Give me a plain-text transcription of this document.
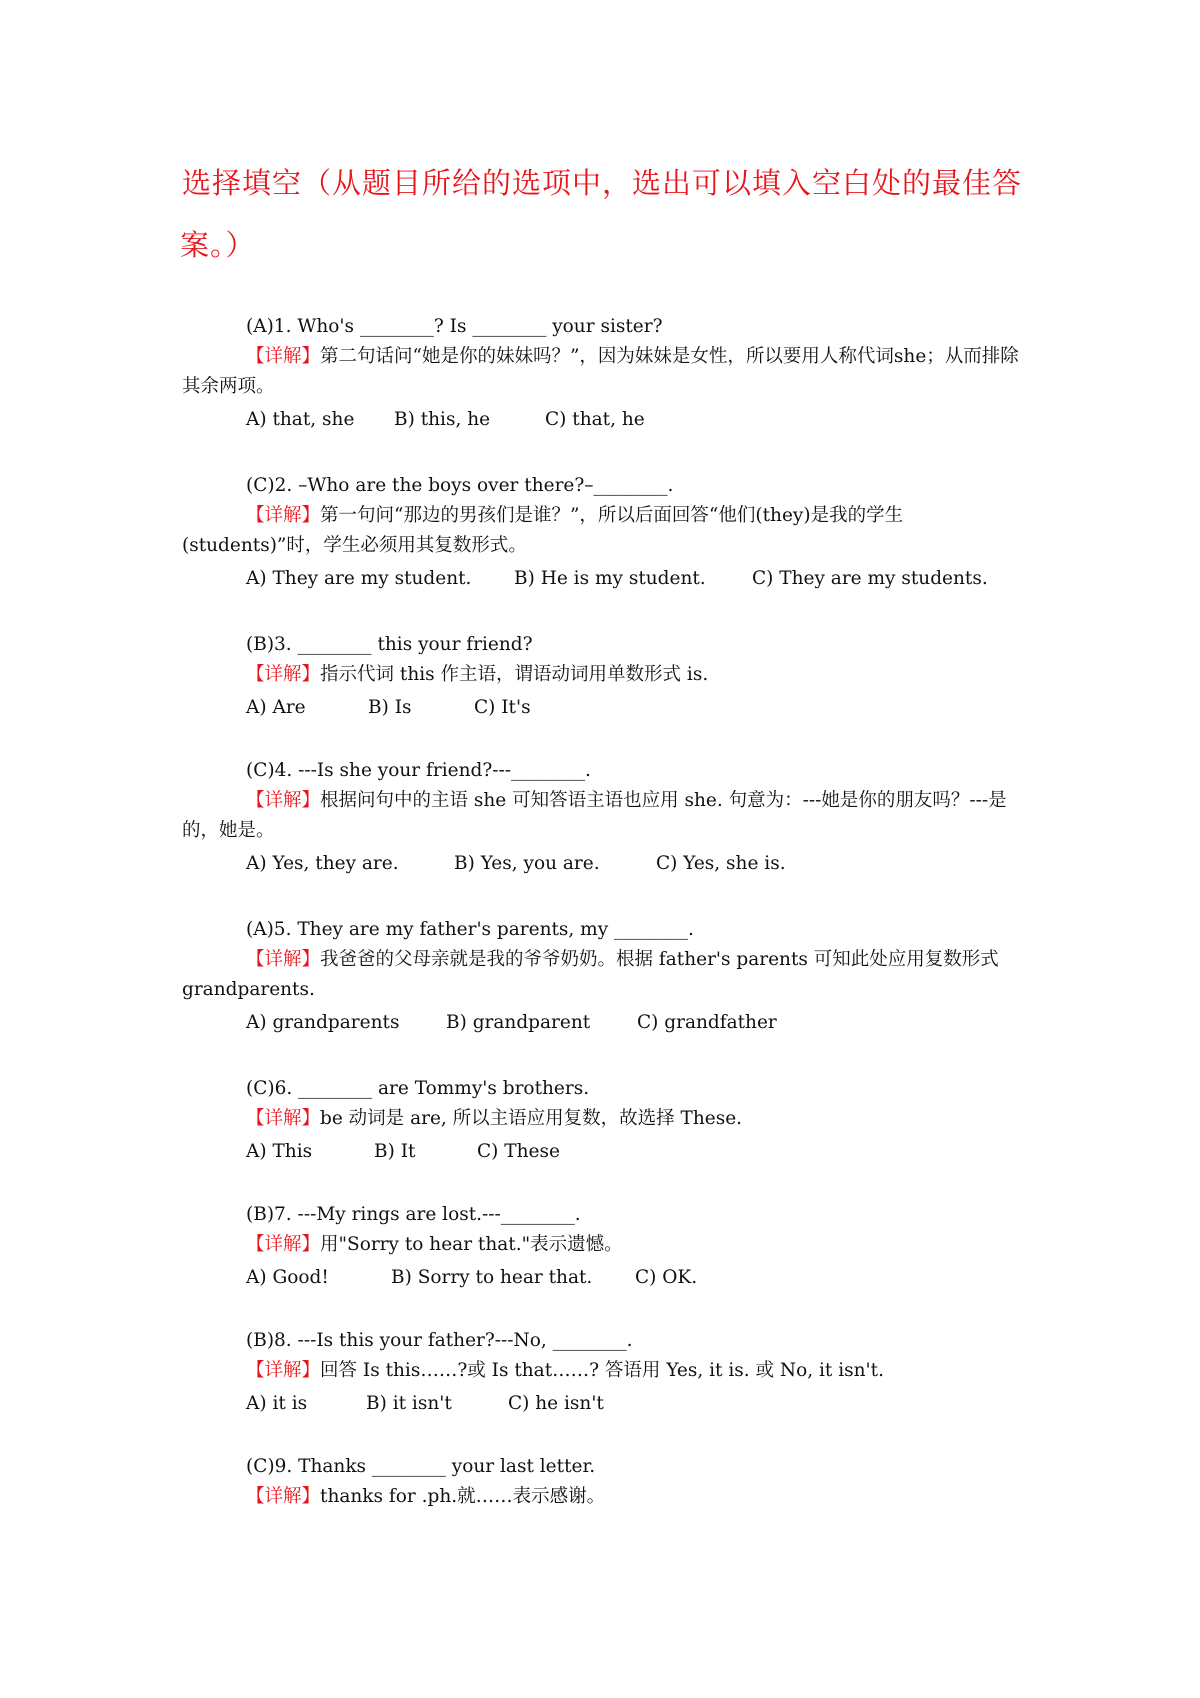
选择填空（从题目所给的选项中，选出可以填入空白处的最佳答
案。）
(A)1. Who's ________? Is ________ your sister?
【详解】第二句话问“她是你的妹妹吗？”，因为妹妹是女性，所以要用人称代词she；从而排除其余两项。
A) that, she B) this, he	C) that, he
(C)2. –Who are the boys over there?–________.
【详解】第一句问“那边的男孩们是谁？”，所以后面回答“他们(they)是我的学生(students)”时，学生必须用其复数形式。
A) They are my student. B) He is my student.	C) They are my students.
(B)3. ________ this your friend?
【详解】指示代词 this 作主语，谓语动词用单数形式 is.
A) Are	B) Is	C) It's
(C)4. ---Is she your friend?---________.
【详解】根据问句中的主语 she 可知答语主语也应用 she. 句意为：---她是你的朋友吗？---是的，她是。
A) Yes, they are.	B) Yes, you are.	C) Yes, she is.
(A)5. They are my father's parents, my ________.
【详解】我爸爸的父母亲就是我的爷爷奶奶。根据 father's parents 可知此处应用复数形式 grandparents.
A) grandparents	B) grandparent	C) grandfather
(C)6. ________ are Tommy's brothers.
【详解】be 动词是 are, 所以主语应用复数，故选择 These.
A) This	B) It	C) These
(B)7. ---My rings are lost.---________.
【详解】用"Sorry to hear that."表示遗憾。
A) Good!	B) Sorry to hear that. C) OK.
(B)8. ---Is this your father?---No, ________.
【详解】回答 Is this……?或 Is that……? 答语用 Yes, it is. 或 No, it isn't.
A) it is	B) it isn't	C) he isn't
(C)9. Thanks ________ your last letter.
【详解】thanks for .ph.就……表示感谢。
